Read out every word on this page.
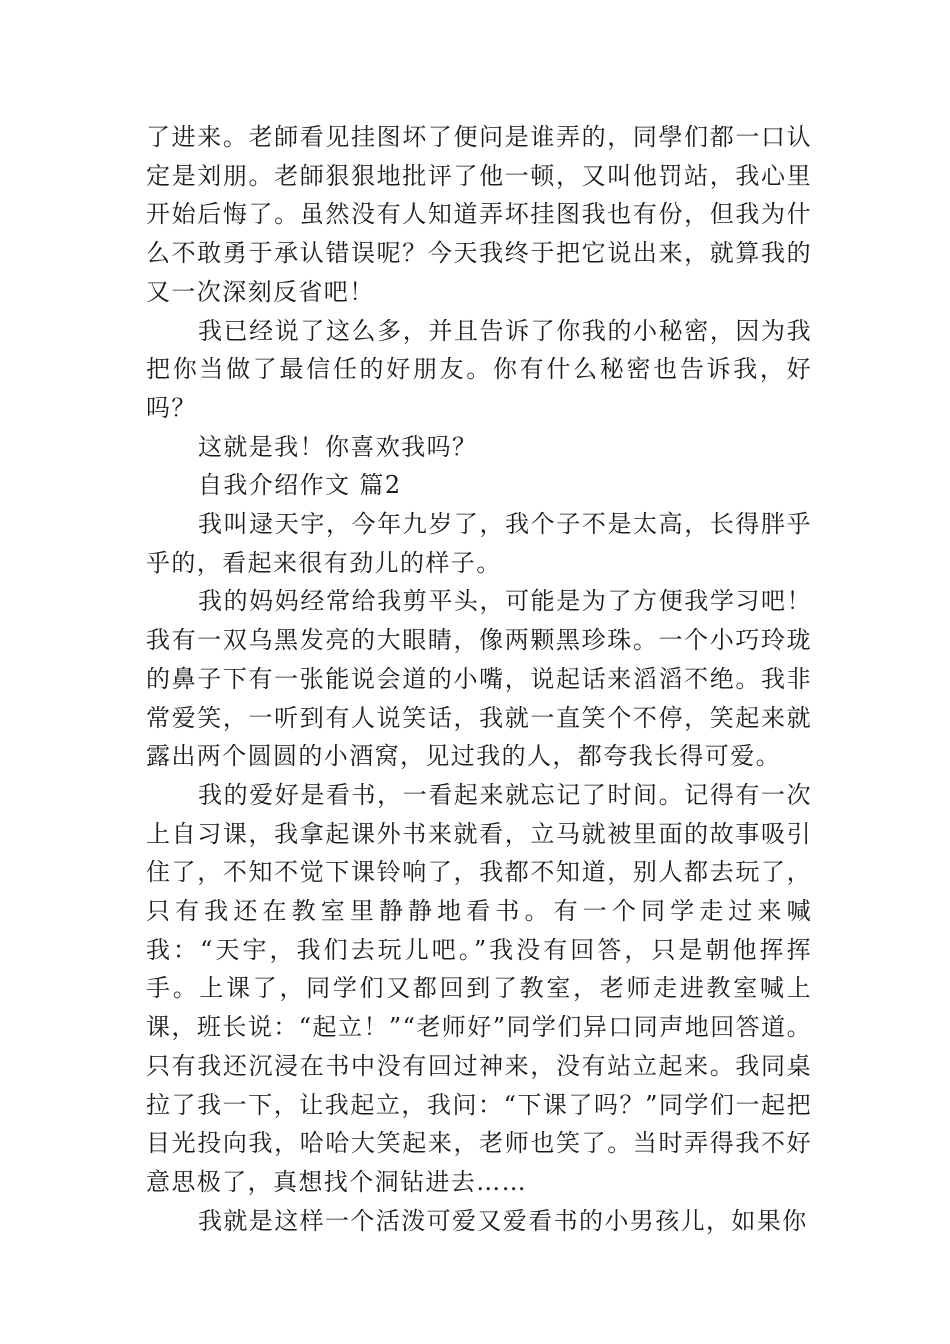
了进来。老師看见挂图坏了便问是谁弄的，同學们都一口认定是刘朋。老師狠狠地批评了他一顿，又叫他罚站，我心里开始后悔了。虽然没有人知道弄坏挂图我也有份，但我为什么不敢勇于承认错误呢？今天我终于把它说出来，就算我的又一次深刻反省吧！

我已经说了这么多，并且告诉了你我的小秘密，因为我把你当做了最信任的好朋友。你有什么秘密也告诉我，好吗？

这就是我！你喜欢我吗？

自我介绍作文 篇2

我叫逯天宇，今年九岁了，我个子不是太高，长得胖乎乎的，看起来很有劲儿的样子。

我的妈妈经常给我剪平头，可能是为了方便我学习吧！我有一双乌黑发亮的大眼睛，像两颗黑珍珠。一个小巧玲珑的鼻子下有一张能说会道的小嘴，说起话来滔滔不绝。我非常爱笑，一听到有人说笑话，我就一直笑个不停，笑起来就露出两个圆圆的小酒窝，见过我的人，都夸我长得可爱。

我的爱好是看书，一看起来就忘记了时间。记得有一次上自习课，我拿起课外书来就看，立马就被里面的故事吸引住了，不知不觉下课铃响了，我都不知道，别人都去玩了，只有我还在教室里静静地看书。有一个同学走过来喊我：“天宇，我们去玩儿吧。”我没有回答，只是朝他挥挥手。上课了，同学们又都回到了教室，老师走进教室喊上课，班长说：“起立！”“老师好”同学们异口同声地回答道。只有我还沉浸在书中没有回过神来，没有站立起来。我同桌拉了我一下，让我起立，我问：“下课了吗？”同学们一起把目光投向我，哈哈大笑起来，老师也笑了。当时弄得我不好意思极了，真想找个洞钻进去……

我就是这样一个活泼可爱又爱看书的小男孩儿，如果你
